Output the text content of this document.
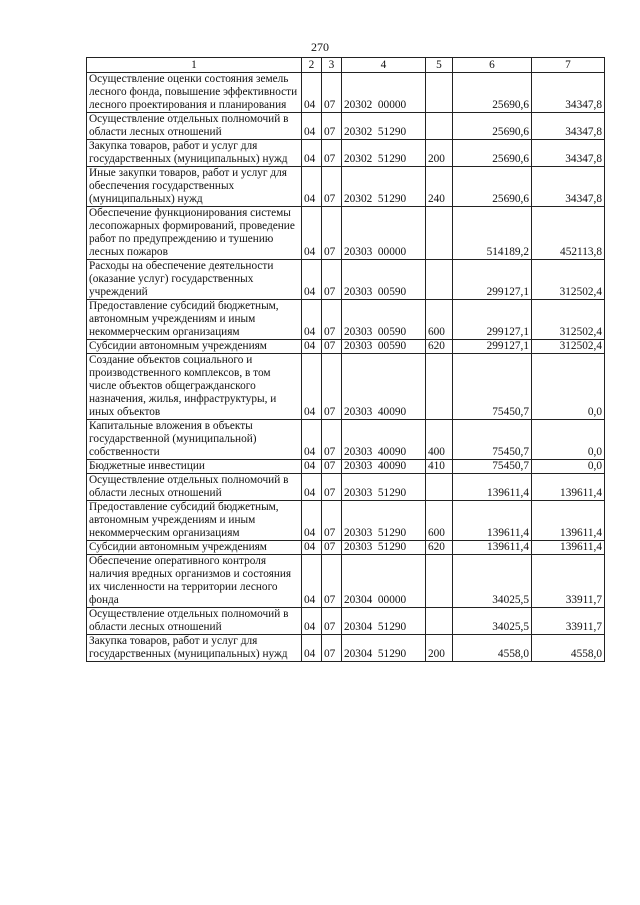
270
1	2	3	4	5	6	7
Осуществление оценки состояния земель лесного фонда, повышение эффективности лесного проектирования и планирования	04	07	20302  00000		25690,6	34347,8
Осуществление отдельных полномочий в области лесных отношений	04	07	20302  51290		25690,6	34347,8
Закупка товаров, работ и услуг для государственных (муниципальных) нужд	04	07	20302  51290	200	25690,6	34347,8
Иные закупки товаров, работ и услуг для обеспечения государственных (муниципальных) нужд	04	07	20302  51290	240	25690,6	34347,8
Обеспечение функционирования системы лесопожарных формирований, проведение работ по предупреждению и тушению лесных пожаров	04	07	20303  00000		514189,2	452113,8
Расходы на обеспечение деятельности (оказание услуг) государственных учреждений	04	07	20303  00590		299127,1	312502,4
Предоставление субсидий бюджетным, автономным учреждениям и иным некоммерческим организациям	04	07	20303  00590	600	299127,1	312502,4
Субсидии автономным учреждениям	04	07	20303  00590	620	299127,1	312502,4
Создание объектов социального и производственного комплексов, в том числе объектов общегражданского назначения, жилья, инфраструктуры, и иных объектов	04	07	20303  40090		75450,7	0,0
Капитальные вложения в объекты государственной (муниципальной) собственности	04	07	20303  40090	400	75450,7	0,0
Бюджетные инвестиции	04	07	20303  40090	410	75450,7	0,0
Осуществление отдельных полномочий в области лесных отношений	04	07	20303  51290		139611,4	139611,4
Предоставление субсидий бюджетным, автономным учреждениям и иным некоммерческим организациям	04	07	20303  51290	600	139611,4	139611,4
Субсидии автономным учреждениям	04	07	20303  51290	620	139611,4	139611,4
Обеспечение оперативного контроля наличия вредных организмов и состояния их численности на территории лесного фонда	04	07	20304  00000		34025,5	33911,7
Осуществление отдельных полномочий в области лесных отношений	04	07	20304  51290		34025,5	33911,7
Закупка товаров, работ и услуг для государственных (муниципальных) нужд	04	07	20304  51290	200	4558,0	4558,0
